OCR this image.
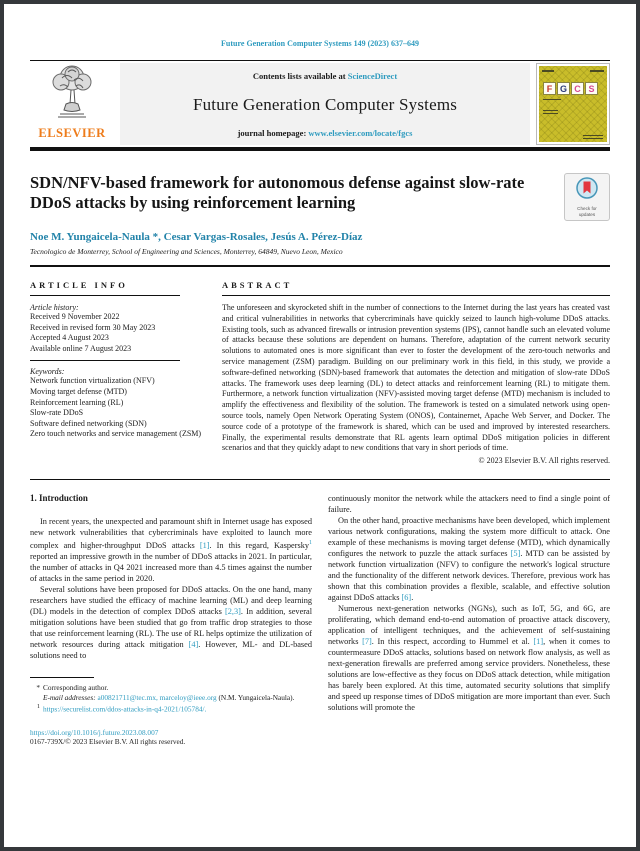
Future Generation Computer Systems 149 (2023) 637–649
ELSEVIER
Contents lists available at ScienceDirect
Future Generation Computer Systems
journal homepage: www.elsevier.com/locate/fgcs
F G C S
SDN/NFV-based framework for autonomous defense against slow-rate DDoS attacks by using reinforcement learning	Check for
updates
Noe M. Yungaicela-Naula *, Cesar Vargas-Rosales, Jesús A. Pérez-Díaz
Tecnologico de Monterrey, School of Engineering and Sciences, Monterrey, 64849, Nuevo Leon, Mexico
ARTICLE INFO
Article history:
Received 9 November 2022
Received in revised form 30 May 2023
Accepted 4 August 2023
Available online 7 August 2023
Keywords:
Network function virtualization (NFV)
Moving target defense (MTD)
Reinforcement learning (RL)
Slow-rate DDoS
Software defined networking (SDN)
Zero touch networks and service management (ZSM)
ABSTRACT
The unforeseen and skyrocketed shift in the number of connections to the Internet during the last years has created vast and critical vulnerabilities in networks that cybercriminals have quickly seized to launch high-volume DDoS attacks. Existing tools, such as advanced firewalls or intrusion prevention systems (IPS), cannot handle such an elevated volume of attacks because these solutions are dependent on humans. Therefore, adaptation of the current network security solutions to automated ones is more significant than ever to foster the development of the zero-touch networks and service management (ZSM) paradigm. Building on our preliminary work in this field, in this study, we provide a software-defined networking (SDN)-based framework that automates the detection and mitigation of slow-rate DDoS attacks. The framework uses deep learning (DL) to detect attacks and reinforcement learning (RL) to mitigate them. Furthermore, a network function virtualization (NFV)-assisted moving target defense (MTD) mechanism is included to amplify the effectiveness and flexibility of the solution. The framework is tested on a simulated network using open-source tools, namely Open Network Operating System (ONOS), Containernet, Apache Web Server, and Docker. The source code of a prototype of the framework is shared, which can be used and improved by interested researchers. Finally, the experimental results demonstrate that RL agents learn optimal DDoS mitigation policies in different scenarios and that they quickly adapt to new conditions that vary in short periods of time.
© 2023 Elsevier B.V. All rights reserved.
1. Introduction
In recent years, the unexpected and paramount shift in Internet usage has exposed new network vulnerabilities that cybercriminals have exploited to launch more complex and higher-throughput DDoS attacks [1]. In this regard, Kaspersky$^1$ reported an impressive growth in the number of DDoS attacks in 2021. In particular, the number of attacks in Q4 2021 increased more than 4.5 times against the number of attacks in the same period in 2020.
Several solutions have been proposed for DDoS attacks. On the one hand, many researchers have studied the efficacy of machine learning (ML) and deep learning (DL) models in the detection of complex DDoS attacks [2,3]. In addition, several mitigation solutions have been studied that go from traffic drop strategies to those that use reinforcement learning (RL). The use of RL helps optimize the utilization of network resources during attack mitigation [4]. However, ML- and DL-based solutions need to
* Corresponding author.
E-mail addresses: a00821711@tec.mx, marceloy@ieee.org (N.M. Yungaicela-Naula).
$^1$ https://securelist.com/ddos-attacks-in-q4-2021/105784/.
https://doi.org/10.1016/j.future.2023.08.007
0167-739X/© 2023 Elsevier B.V. All rights reserved.
continuously monitor the network while the attackers need to find a single point of failure.
On the other hand, proactive mechanisms have been developed, which implement various network configurations, making the system more difficult to attack. One example of these mechanisms is moving target defense (MTD), which dynamically configures the network to puzzle the attack surfaces [5]. MTD can be assisted by network function virtualization (NFV) to configure the network's logical structure and the functionality of the different network devices. Therefore, previous work has shown that this combination provides a flexible, scalable, and effective solution against DDoS attacks [6].
Numerous next-generation networks (NGNs), such as IoT, 5G, and 6G, are proliferating, which demand end-to-end automation of proactive attack discovery, application of intelligent techniques, and the achievement of self-sustaining networks [7]. In this respect, according to Hummel et al. [1], when it comes to countermeasure DDoS attacks, solutions based on network flow analysis, as well as next-generation firewalls are preferred among service providers. Nonetheless, these solutions are low-effective as they focus on DDoS attack detection, while mitigation has barely been explored. At this time, automated security solutions that simplify and speed up response times of DDoS mitigation are more important than ever. Such solutions will promote the
